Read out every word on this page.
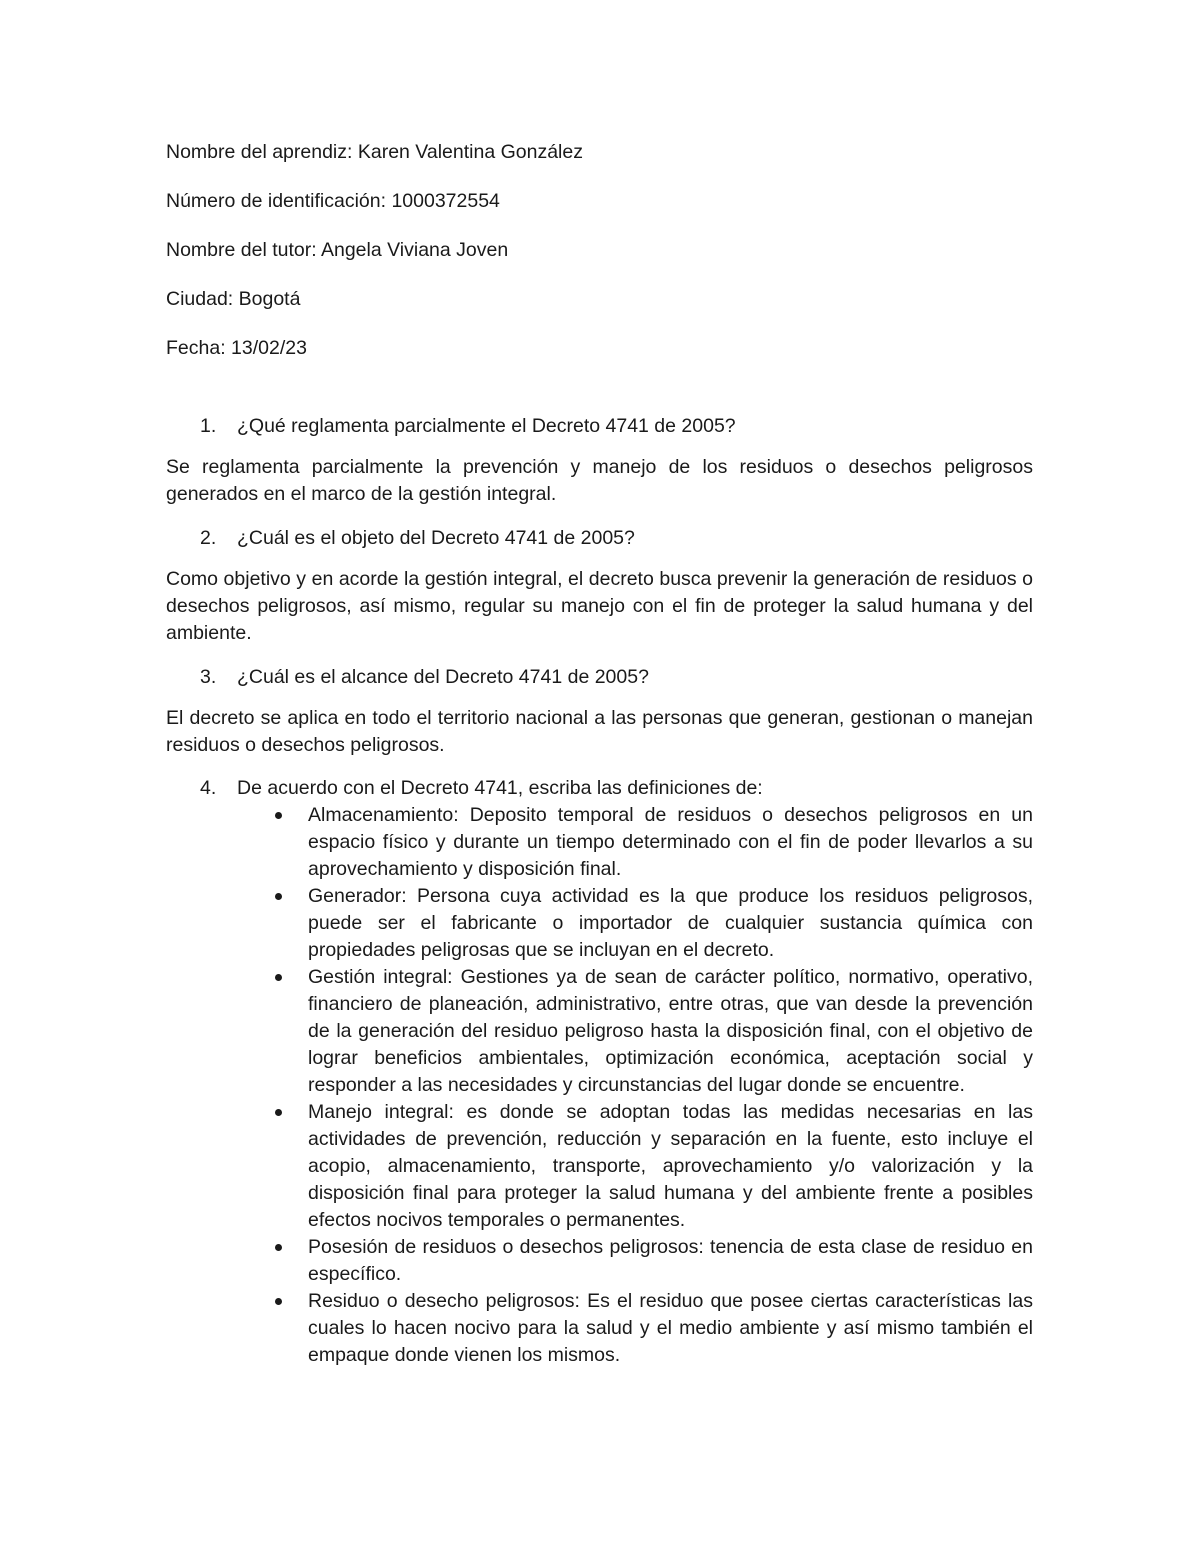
Nombre del aprendiz: Karen Valentina González

Número de identificación: 1000372554

Nombre del tutor: Angela Viviana Joven

Ciudad: Bogotá

Fecha: 13/02/23

1.	¿Qué reglamenta parcialmente el Decreto 4741 de 2005?

Se reglamenta parcialmente la prevención y manejo de los residuos o desechos peligrosos generados en el marco de la gestión integral.

2.	¿Cuál es el objeto del Decreto 4741 de 2005?

Como objetivo y en acorde la gestión integral, el decreto busca prevenir la generación de residuos o desechos peligrosos, así mismo, regular su manejo con el fin de proteger la salud humana y del ambiente.

3.	¿Cuál es el alcance del Decreto 4741 de 2005?

El decreto se aplica en todo el territorio nacional a las personas que generan, gestionan o manejan residuos o desechos peligrosos.

4.	De acuerdo con el Decreto 4741, escriba las definiciones de:
Almacenamiento: Deposito temporal de residuos o desechos peligrosos en un espacio físico y durante un tiempo determinado con el fin de poder llevarlos a su aprovechamiento y disposición final.
Generador: Persona cuya actividad es la que produce los residuos peligrosos, puede ser el fabricante o importador de cualquier sustancia química con propiedades peligrosas que se incluyan en el decreto.
Gestión integral: Gestiones ya de sean de carácter político, normativo, operativo, financiero de planeación, administrativo, entre otras, que van desde la prevención de la generación del residuo peligroso hasta la disposición final, con el objetivo de lograr beneficios ambientales, optimización económica, aceptación social y responder a las necesidades y circunstancias del lugar donde se encuentre.
Manejo integral: es donde se adoptan todas las medidas necesarias en las actividades de prevención, reducción y separación en la fuente, esto incluye el acopio, almacenamiento, transporte, aprovechamiento y/o valorización y la disposición final para proteger la salud humana y del ambiente frente a posibles efectos nocivos temporales o permanentes.
Posesión de residuos o desechos peligrosos: tenencia de esta clase de residuo en específico.
Residuo o desecho peligrosos: Es el residuo que posee ciertas características las cuales lo hacen nocivo para la salud y el medio ambiente y así mismo también el empaque donde vienen los mismos.
